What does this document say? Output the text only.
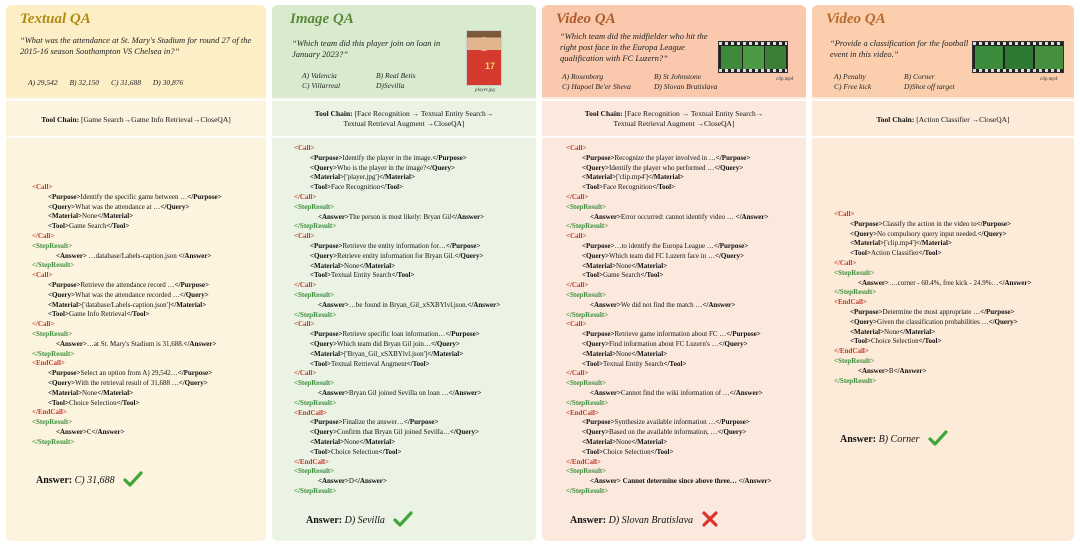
Textual QA
“What was the attendance at St. Mary's Stadium for round 27 of the 2015-16 season Southampton VS Chelsea in?”
A) 29,542 B) 32,150 C) 31,688 D) 30,876
Tool Chain: [Game Search→Game Info Retrieval→CloseQA]
<Call>
<Purpose>Identify the specific game between …</Purpose>
<Query>What was the attendance at …</Query>
<Material>None</Material>
<Tool>Game Search</Tool>
</Call>
<StepResult>
<Answer> …database/Labels-caption.json </Answer>
</StepResult>
<Call>
<Purpose>Retrieve the attendance record …</Purpose>
<Query>What was the attendance recorded …</Query>
<Material>['database/Labels-caption.json']</Material>
<Tool>Game Info Retrieval</Tool>
</Call>
<StepResult>
<Answer>…at St. Mary's Stadium is 31,688.</Answer>
</StepResult>
<EndCall>
<Purpose>Select an option from A) 29,542…</Purpose>
<Query>With the retrieval result of 31,688 …</Query>
<Material>None</Material>
<Tool>Choice Selection</Tool>
</EndCall>
<StepResult>
<Answer>C</Answer>
</StepResult>
Answer: C) 31,688
Image QA
“Which team did this player join on loan in January 2023?”
A) Valencia	B) Real Betis
C) Villarreal	D)Sevilla
17
player.jpg
Tool Chain: [Face Recognition → Textual Entity Search→
Textual Retrieval Augment →CloseQA]
<Call>
<Purpose>Identify the player in the image.</Purpose>
<Query>Who is the player in the image?</Query>
<Material>['player.jpg']</Material>
<Tool>Face Recognition</Tool>
</Call>
<StepResult>
<Answer>The person is most likely: Bryan Gil</Answer>
</StepResult>
<Call>
<Purpose>Retrieve the entity information for…</Purpose>
<Query>Retrieve entity information for Bryan Gil.</Query>
<Material>None</Material>
<Tool>Textual Entity Search</Tool>
</Call>
<StepResult>
<Answer>…be found in Bryan_Gil_xSXBYlvl.json.</Answer>
</StepResult>
<Call>
<Purpose>Retrieve specific loan information…</Purpose>
<Query>Which team did Bryan Gil join…</Query>
<Material>['Bryan_Gil_xSXBYlvl.json']</Material>
<Tool>Textual Retrieval Augment</Tool>
</Call>
<StepResult>
<Answer>Bryan Gil joined Sevilla on loan …</Answer>
</StepResult>
<EndCall>
<Purpose>Finalize the answer…</Purpose>
<Query>Confirm that Bryan Gil joined Sevilla…</Query>
<Material>None</Material>
<Tool>Choice Selection</Tool>
</EndCall>
<StepResult>
<Answer>D</Answer>
</StepResult>
Answer: D) Sevilla
Video QA
“Which team did the midfielder who hit the right post face in the Europa League qualification with FC Luzern?”
A) Rosenborg	B) St Johnstone
C) Hapoel Be'er Sheva	D) Slovan Bratislava
clip.mp4
Tool Chain: [Face Recognition → Textual Entity Search→
Textual Retrieval Augment →CloseQA]
<Call>
<Purpose>Recognize the player involved in …</Purpose>
<Query>Identify the player who performed …</Query>
<Material>['clip.mp4']</Material>
<Tool>Face Recognition</Tool>
</Call>
<StepResult>
<Answer>Error occurred: cannot identify video … </Answer>
</StepResult>
<Call>
<Purpose>…to identify the Europa League …</Purpose>
<Query>Which team did FC Luzern face in …</Query>
<Material>None</Material>
<Tool>Game Search</Tool>
</Call>
<StepResult>
<Answer>We did not find the match …</Answer>
</StepResult>
<Call>
<Purpose>Retrieve game information about FC …</Purpose>
<Query>Find information about FC Luzern's …</Query>
<Material>None</Material>
<Tool>Textual Entity Search</Tool>
</Call>
<StepResult>
<Answer>Cannot find the wiki information of …</Answer>
</StepResult>
<EndCall>
<Purpose>Synthesize available information …</Purpose>
<Query>Based on the available information, …</Query>
<Material>None</Material>
<Tool>Choice Selection</Tool>
</EndCall>
<StepResult>
<Answer> Cannot determine since above three… </Answer>
</StepResult>
Answer: D) Slovan Bratislava
Video QA
“Provide a classification for the football event in this video.”
A) Penalty	B) Corner
C) Free kick	D)Shot off target
clip.mp4
Tool Chain: [Action Classifier →CloseQA]
<Call>
<Purpose>Classify the action in the video to</Purpose>
<Query>No compulsory query input needed.</Query>
<Material>['clip.mp4']</Material>
<Tool>Action Classifier</Tool>
</Call>
<StepResult>
<Answer>….corner - 60.4%, free kick - 24.9%…</Answer>
</StepResult>
<EndCall>
<Purpose>Determine the most appropriate …</Purpose>
<Query>Given the classification probabilities …</Query>
<Material>None</Material>
<Tool>Choice Selection</Tool>
</EndCall>
<StepResult>
<Answer>B</Answer>
</StepResult>
Answer: B) Corner
